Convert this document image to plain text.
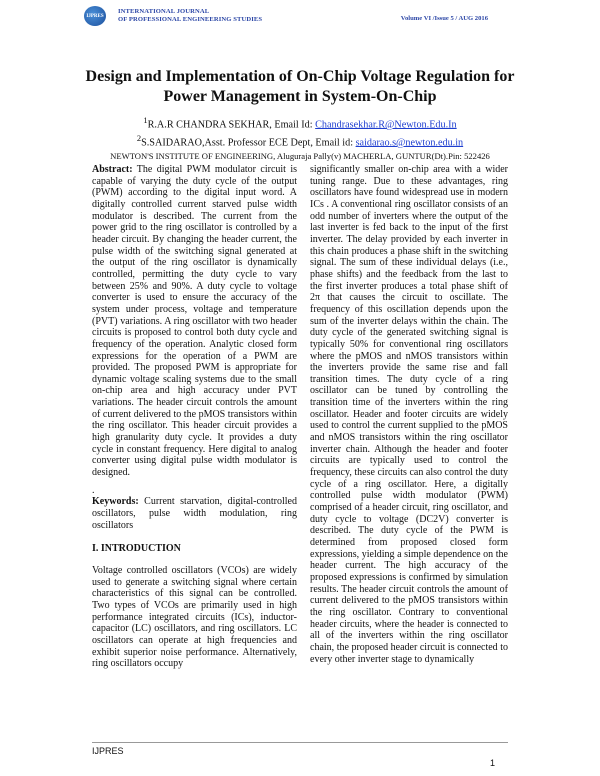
IJPRES
INTERNATIONAL JOURNAL
OF PROFESSIONAL ENGINEERING STUDIES	Volume VI /Issue 5 / AUG 2016
Design and Implementation of On-Chip Voltage Regulation for
Power Management in System-On-Chip
$^1$R.A.R CHANDRA SEKHAR, Email Id: Chandrasekhar.R@Newton.Edu.In
$^2$S.SAIDARAO,Asst. Professor ECE Dept, Email id: saidarao.s@newton.edu.in
NEWTON'S INSTITUTE OF ENGINEERING, Aluguraja Pally(v) MACHERLA, GUNTUR(Dt).Pin: 522426

Abstract: The digital PWM modulator circuit is capable of varying the duty cycle of the output (PWM) according to the digital input word. A digitally controlled current starved pulse width modulator is described. The current from the power grid to the ring oscillator is controlled by a header circuit. By changing the header current, the pulse width of the switching signal generated at the output of the ring oscillator is dynamically controlled, permitting the duty cycle to vary between 25% and 90%. A duty cycle to voltage converter is used to ensure the accuracy of the system under process, voltage and temperature (PVT) variations. A ring oscillator with two header circuits is proposed to control both duty cycle and frequency of the operation. Analytic closed form expressions for the operation of a PWM are provided. The proposed PWM is appropriate for dynamic voltage scaling systems due to the small on-chip area and high accuracy under PVT variations. The header circuit controls the amount of current delivered to the pMOS transistors within the ring oscillator. This header circuit provides a high granularity duty cycle. It provides a duty cycle in constant frequency. Here digital to analog converter using digital pulse width modulator is designed.

.

Keywords: Current starvation, digital-controlled oscillators, pulse width modulation, ring oscillators

I. INTRODUCTION

Voltage controlled oscillators (VCOs) are widely used to generate a switching signal where certain characteristics of this signal can be controlled. Two types of VCOs are primarily used in high performance integrated circuits (ICs), inductor-capacitor (LC) oscillators, and ring oscillators. LC oscillators can operate at high frequencies and exhibit superior noise performance. Alternatively, ring oscillators occupy

significantly smaller on-chip area with a wider tuning range. Due to these advantages, ring oscillators have found widespread use in modern ICs . A conventional ring oscillator consists of an odd number of inverters where the output of the last inverter is fed back to the input of the first inverter. The delay provided by each inverter in this chain produces a phase shift in the switching signal. The sum of these individual delays (i.e., phase shifts) and the feedback from the last to the first inverter produces a total phase shift of 2π that causes the circuit to oscillate. The frequency of this oscillation depends upon the sum of the inverter delays within the chain. The duty cycle of the generated switching signal is typically 50% for conventional ring oscillators where the pMOS and nMOS transistors within the inverters provide the same rise and fall transition times. The duty cycle of a ring oscillator can be tuned by controlling the transition time of the inverters within the ring oscillator. Header and footer circuits are widely used to control the current supplied to the pMOS and nMOS transistors within the ring oscillator inverter chain. Although the header and footer circuits are typically used to control the frequency, these circuits can also control the duty cycle of a ring oscillator. Here, a digitally controlled pulse width modulator (PWM) comprised of a header circuit, ring oscillator, and duty cycle to voltage (DC2V) converter is described. The duty cycle of the PWM is determined from proposed closed form expressions, yielding a simple dependence on the header current. The high accuracy of the proposed expressions is confirmed by simulation results. The header circuit controls the amount of current delivered to the pMOS transistors within the ring oscillator. Contrary to conventional header circuits, where the header is connected to all of the inverters within the ring oscillator chain, the proposed header circuit is connected to every other inverter stage to dynamically

IJPRES
1
